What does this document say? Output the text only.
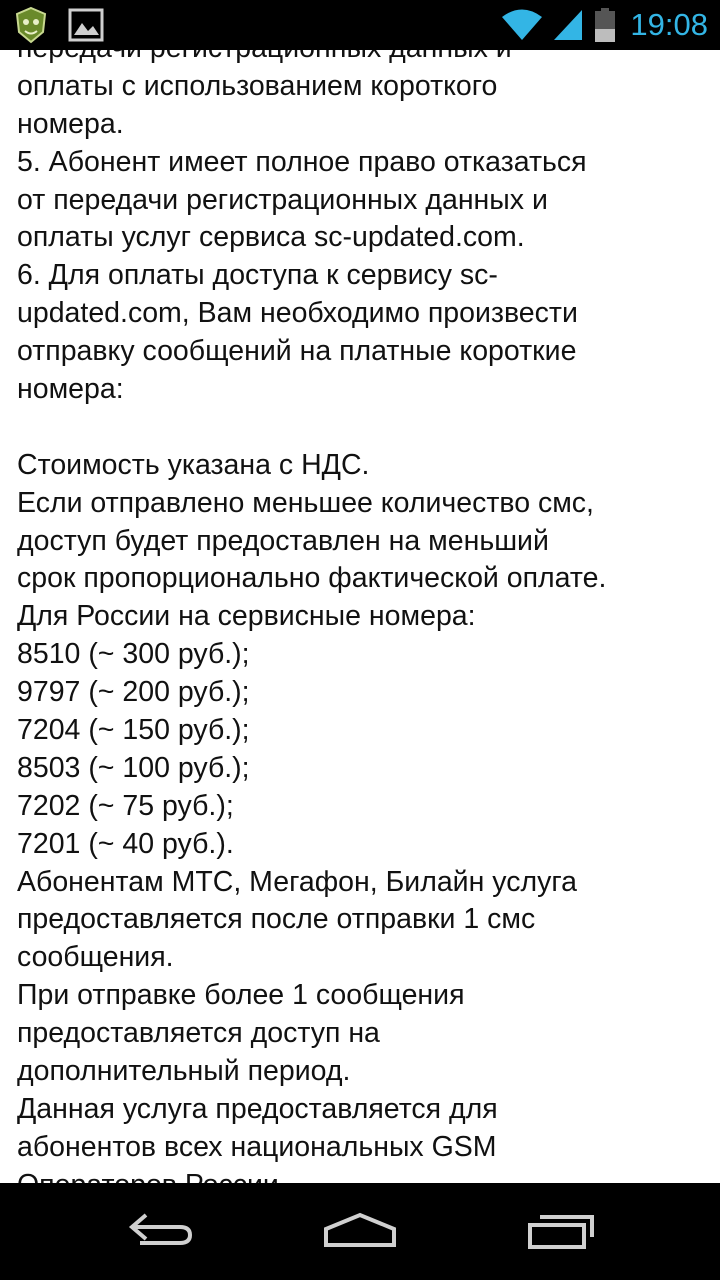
19:08
оплаты с использованием короткого
номера.
5. Абонент имеет полное право отказаться
от передачи регистрационных данных и
оплаты услуг сервиса sc-updated.com.
6. Для оплаты доступа к сервису sc-
updated.com, Вам необходимо произвести
отправку сообщений на платные короткие
номера:
Стоимость указана с НДС.
Если отправлено меньшее количество смс,
доступ будет предоставлен на меньший
срок пропорционально фактической оплате.
Для России на сервисные номера:
8510 (~ 300 руб.);
9797 (~ 200 руб.);
7204 (~ 150 руб.);
8503 (~ 100 руб.);
7202 (~ 75 руб.);
7201 (~ 40 руб.).
Абонентам МТС, Мегафон, Билайн услуга
предоставляется после отправки 1 смс
сообщения.
При отправке более 1 сообщения
предоставляется доступ на
дополнительный период.
Данная услуга предоставляется для
абонентов всех национальных GSM
